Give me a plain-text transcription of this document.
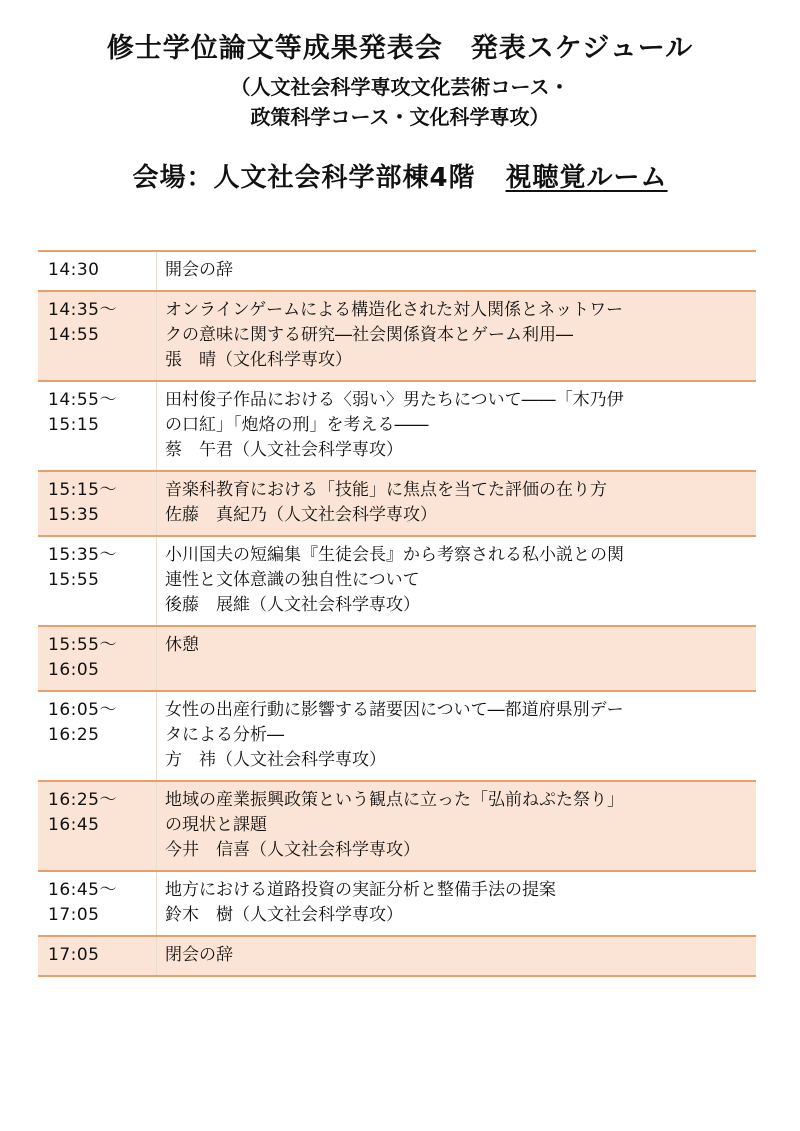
修士学位論文等成果発表会　発表スケジュール

（人文社会科学専攻文化芸術コース・
政策科学コース・文化科学専攻）

会場：人文社会科学部棟4階 視聴覚ルーム
14:30	開会の辞

14:35～
14:55	オンラインゲームによる構造化された対人関係とネットワー
クの意味に関する研究―社会関係資本とゲーム利用―
張　晴（文化科学専攻）

14:55～
15:15	田村俊子作品における〈弱い〉男たちについて――「木乃伊
の口紅」「炮烙の刑」を考える――
蔡　午君（人文社会科学専攻）

15:15～
15:35	音楽科教育における「技能」に焦点を当てた評価の在り方
佐藤　真紀乃（人文社会科学専攻）

15:35～
15:55	小川国夫の短編集『生徒会長』から考察される私小説との関
連性と文体意識の独自性について
後藤　展維（人文社会科学専攻）

15:55～
16:05	休憩

16:05～
16:25	女性の出産行動に影響する諸要因について―都道府県別デー
タによる分析―
方　祎（人文社会科学専攻）

16:25～
16:45	地域の産業振興政策という観点に立った「弘前ねぷた祭り」
の現状と課題
今井　信喜（人文社会科学専攻）

16:45～
17:05	地方における道路投資の実証分析と整備手法の提案
鈴木　樹（人文社会科学専攻）

17:05	閉会の辞
